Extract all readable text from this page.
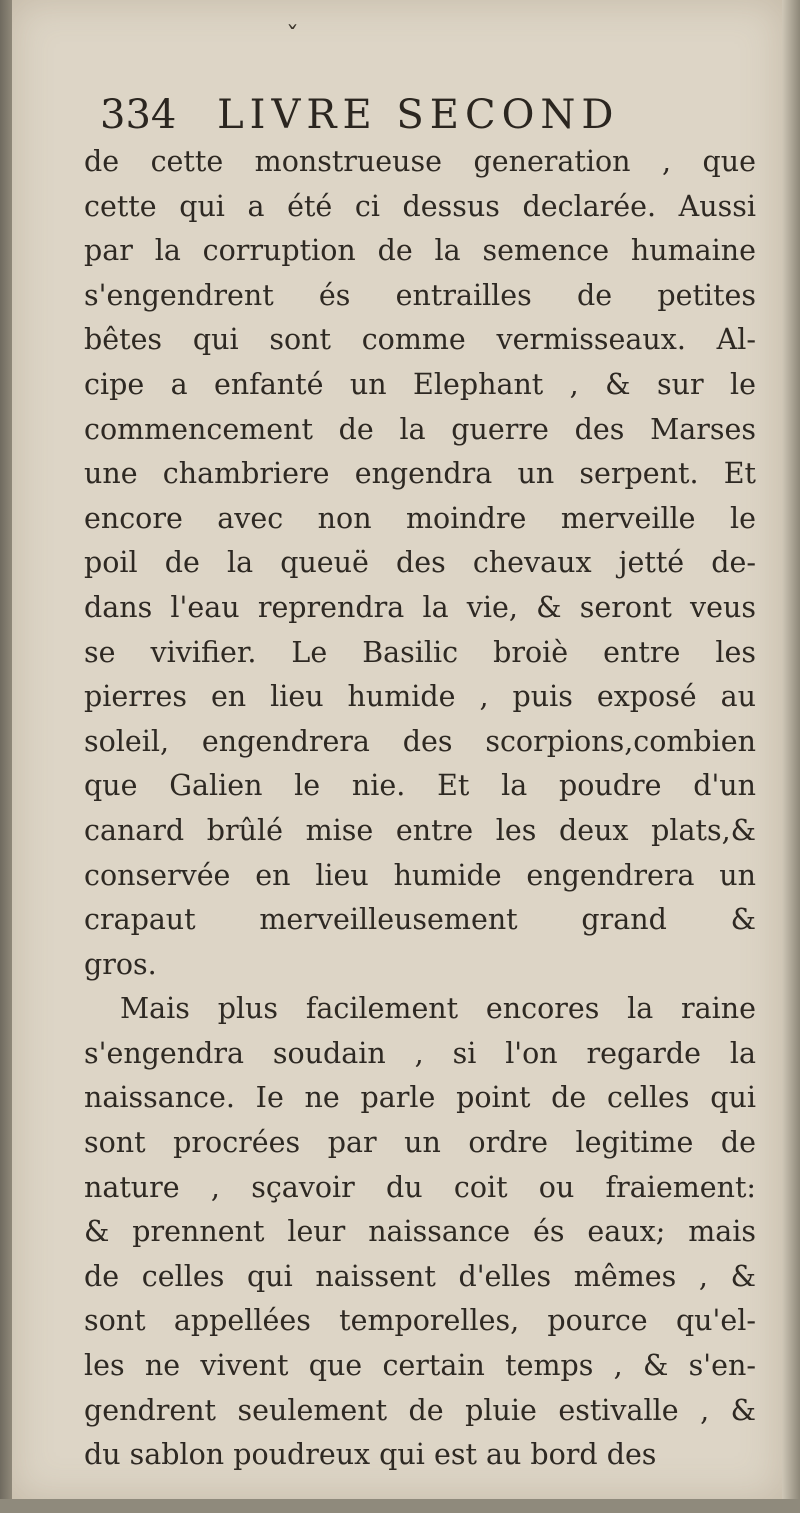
ˇ
334 LIVRE SECOND
de cette monstrueuse generation , que
cette qui a été ci dessus declarée. Aussi
par la corruption de la semence humaine
s'engendrent és entrailles de petites
bêtes qui sont comme vermisseaux. Al-
cipe a enfanté un Elephant , & sur le
commencement de la guerre des Marses
une chambriere engendra un serpent. Et
encore avec non moindre merveille le
poil de la queuë des chevaux jetté de-
dans l'eau reprendra la vie, & seront veus
se vivifier. Le Basilic broiè entre les
pierres en lieu humide , puis exposé au
soleil, engendrera des scorpions,combien
que Galien le nie. Et la poudre d'un
canard brûlé mise entre les deux plats,&
conservée en lieu humide engendrera un
crapaut merveilleusement grand &
gros.
Mais plus facilement encores la raine
s'engendra soudain , si l'on regarde la
naissance. Ie ne parle point de celles qui
sont procrées par un ordre legitime de
nature , sçavoir du coit ou fraiement:
& prennent leur naissance és eaux; mais
de celles qui naissent d'elles mêmes , &
sont appellées temporelles, pource qu'el-
les ne vivent que certain temps , & s'en-
gendrent seulement de pluie estivalle , &
du sablon poudreux qui est au bord des
